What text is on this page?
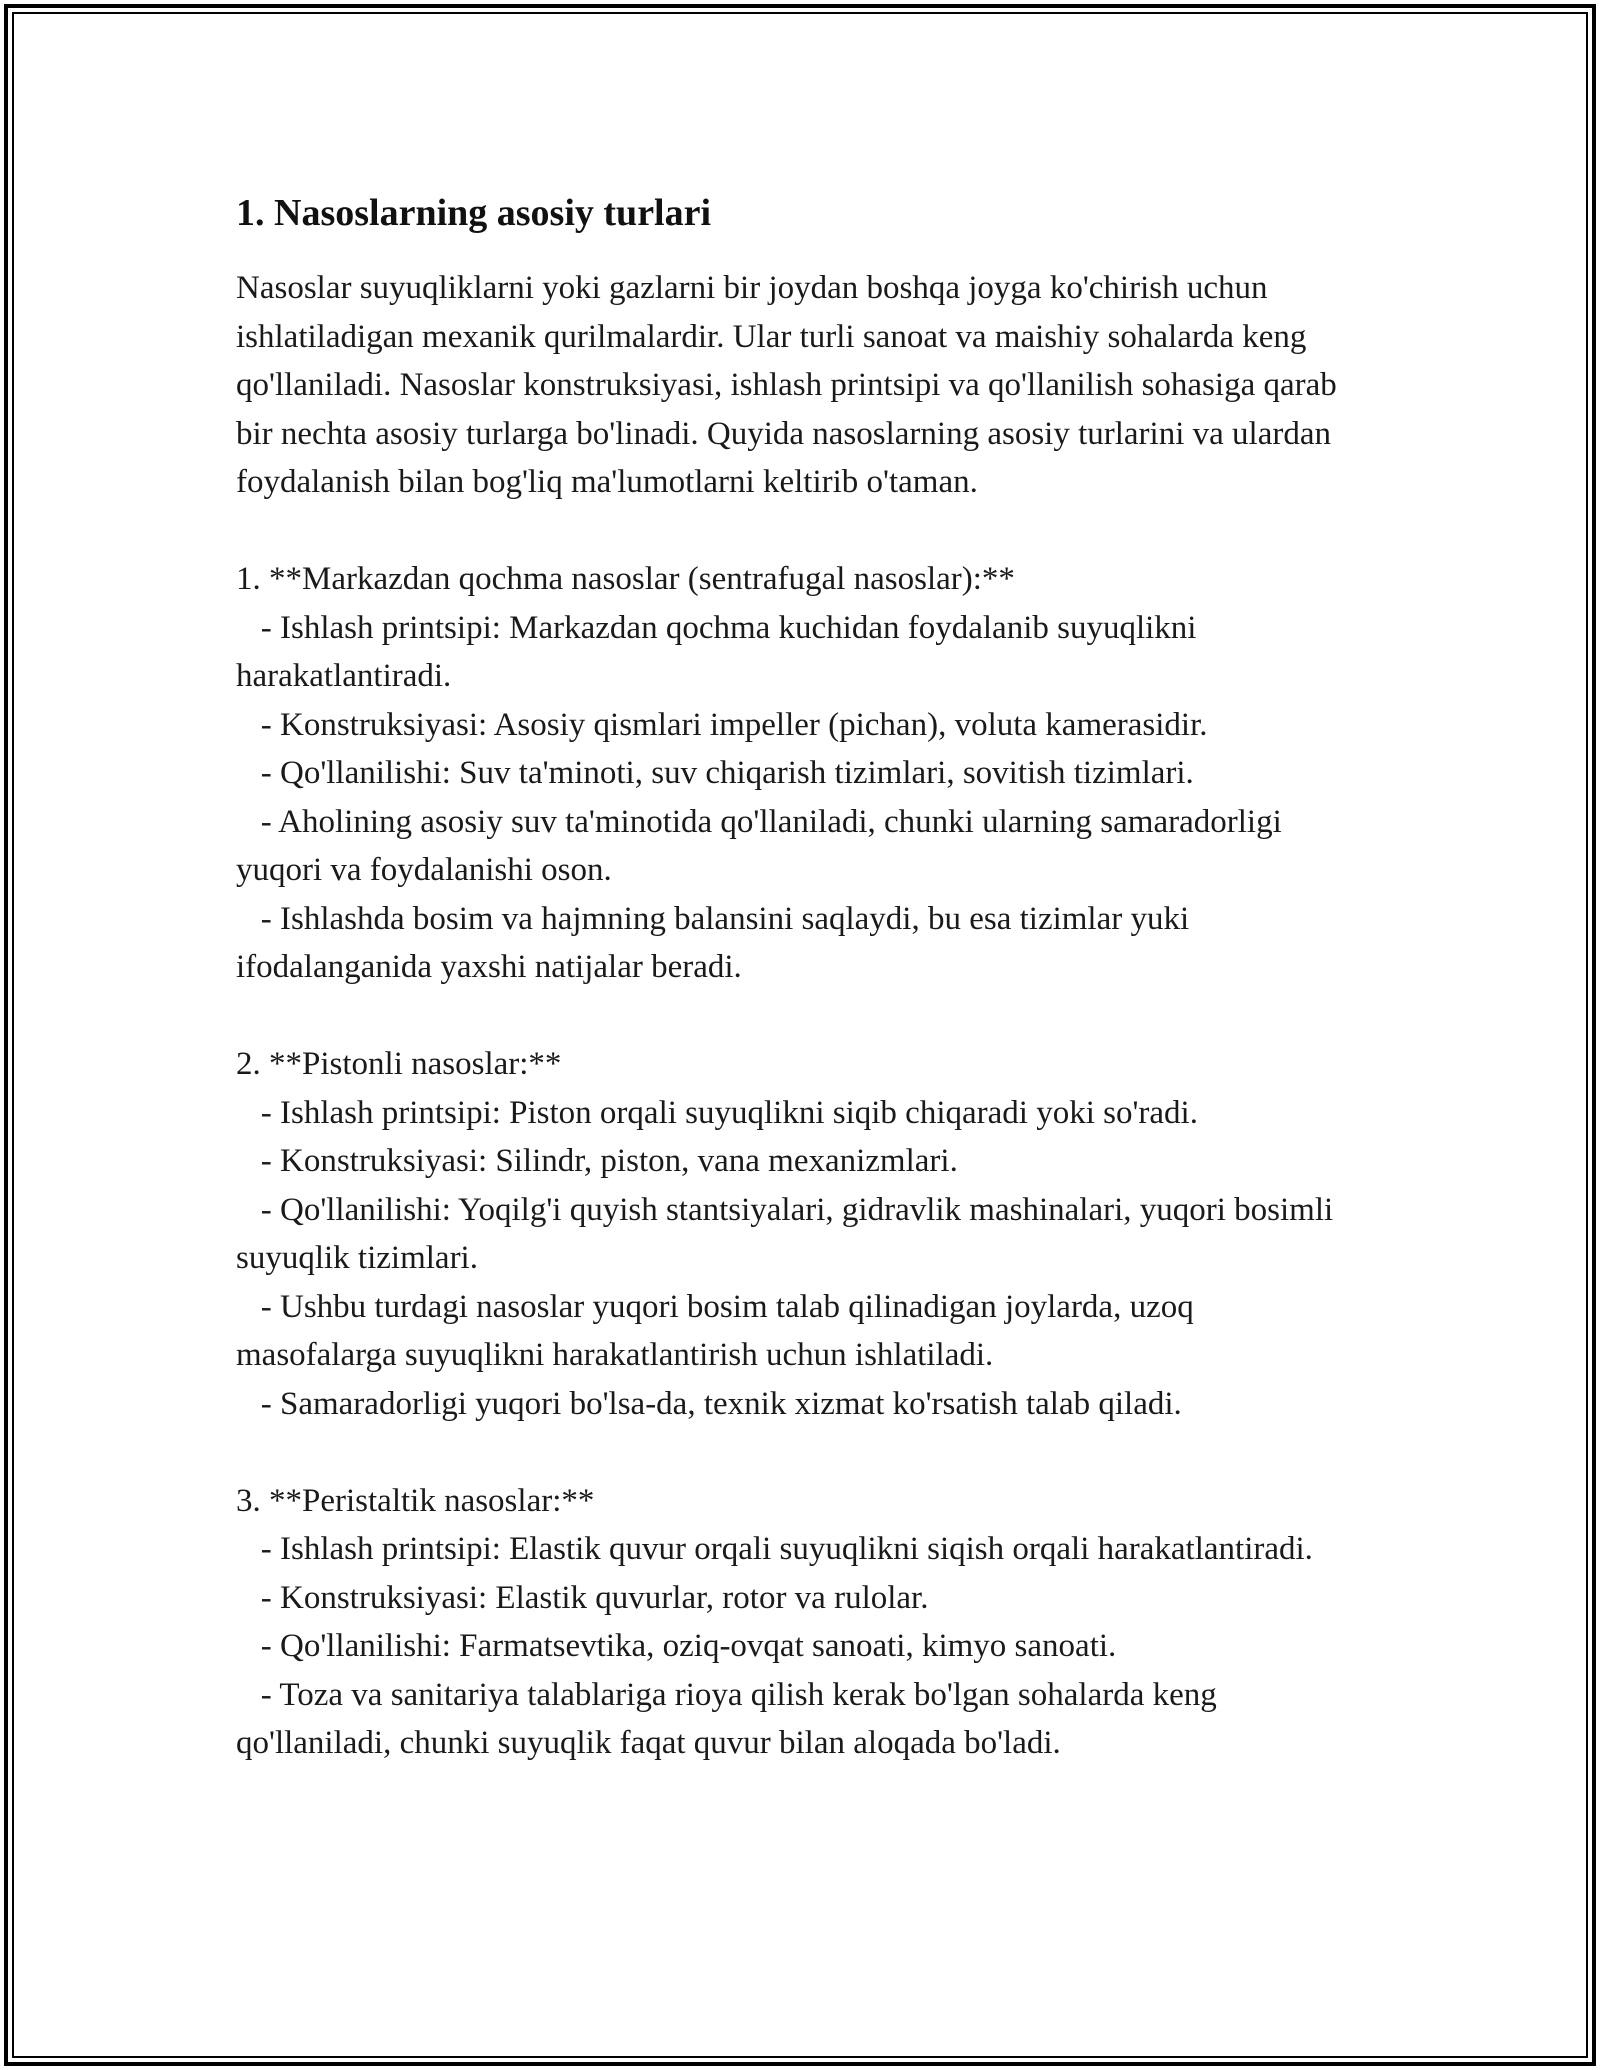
1. Nasoslarning asosiy turlari

Nasoslar suyuqliklarni yoki gazlarni bir joydan boshqa joyga ko'chirish uchun ishlatiladigan mexanik qurilmalardir. Ular turli sanoat va maishiy sohalarda keng qo'llaniladi. Nasoslar konstruksiyasi, ishlash printsipi va qo'llanilish sohasiga qarab bir nechta asosiy turlarga bo'linadi. Quyida nasoslarning asosiy turlarini va ulardan foydalanish bilan bog'liq ma'lumotlarni keltirib o'taman.

1. **Markazdan qochma nasoslar (sentrafugal nasoslar):**

- Ishlash printsipi: Markazdan qochma kuchidan foydalanib suyuqlikni harakatlantiradi.

- Konstruksiyasi: Asosiy qismlari impeller (pichan), voluta kamerasidir.

- Qo'llanilishi: Suv ta'minoti, suv chiqarish tizimlari, sovitish tizimlari.

- Aholining asosiy suv ta'minotida qo'llaniladi, chunki ularning samaradorligi yuqori va foydalanishi oson.

- Ishlashda bosim va hajmning balansini saqlaydi, bu esa tizimlar yuki ifodalanganida yaxshi natijalar beradi.

2. **Pistonli nasoslar:**

- Ishlash printsipi: Piston orqali suyuqlikni siqib chiqaradi yoki so'radi.

- Konstruksiyasi: Silindr, piston, vana mexanizmlari.

- Qo'llanilishi: Yoqilg'i quyish stantsiyalari, gidravlik mashinalari, yuqori bosimli suyuqlik tizimlari.

- Ushbu turdagi nasoslar yuqori bosim talab qilinadigan joylarda, uzoq masofalarga suyuqlikni harakatlantirish uchun ishlatiladi.

- Samaradorligi yuqori bo'lsa-da, texnik xizmat ko'rsatish talab qiladi.

3. **Peristaltik nasoslar:**

- Ishlash printsipi: Elastik quvur orqali suyuqlikni siqish orqali harakatlantiradi.

- Konstruksiyasi: Elastik quvurlar, rotor va rulolar.

- Qo'llanilishi: Farmatsevtika, oziq-ovqat sanoati, kimyo sanoati.

- Toza va sanitariya talablariga rioya qilish kerak bo'lgan sohalarda keng qo'llaniladi, chunki suyuqlik faqat quvur bilan aloqada bo'ladi.
